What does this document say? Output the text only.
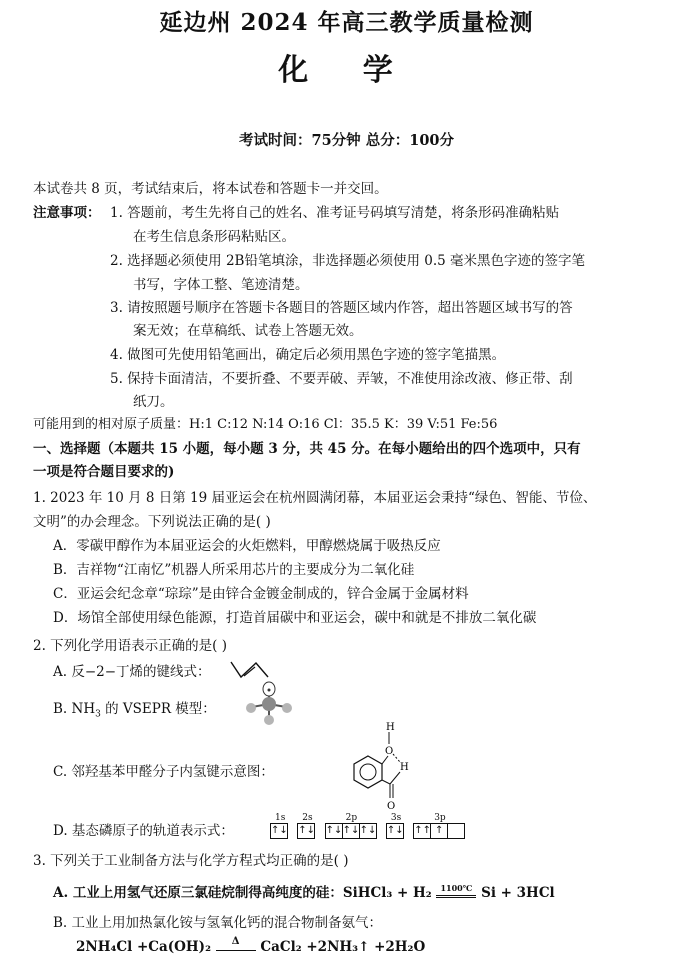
延边州 2024 年高三教学质量检测
化 学
考试时间：75分钟 总分：100分
本试卷共 8 页，考试结束后，将本试卷和答题卡一并交回。
注意事项： 1. 答题前，考生先将自己的姓名、准考证号码填写清楚，将条形码准确粘贴
在考生信息条形码粘贴区。
2. 选择题必须使用 2B铅笔填涂，非选择题必须使用 0.5 毫米黑色字迹的签字笔
书写，字体工整、笔迹清楚。
3. 请按照题号顺序在答题卡各题目的答题区域内作答，超出答题区域书写的答
案无效；在草稿纸、试卷上答题无效。
4. 做图可先使用铅笔画出，确定后必须用黑色字迹的签字笔描黑。
5. 保持卡面清洁，不要折叠、不要弄破、弄皱，不准使用涂改液、修正带、刮
纸刀。
可能用到的相对原子质量：H:1 C:12 N:14 O:16 Cl：35.5 K：39 V:51 Fe:56
一、选择题（本题共 15 小题，每小题 3 分，共 45 分。在每小题给出的四个选项中，只有
一项是符合题目要求的)
1. 2023 年 10 月 8 日第 19 届亚运会在杭州圆满闭幕，本届亚运会秉持“绿色、智能、节俭、
文明”的办会理念。下列说法正确的是( )
A．零碳甲醇作为本届亚运会的火炬燃料，甲醇燃烧属于吸热反应
B．吉祥物“江南忆”机器人所采用芯片的主要成分为二氧化硅
C．亚运会纪念章“琮琮”是由锌合金镀金制成的，锌合金属于金属材料
D．场馆全部使用绿色能源，打造首届碳中和亚运会，碳中和就是不排放二氧化碳
2. 下列化学用语表示正确的是( )
A. 反−2−丁烯的键线式：
B. $NH_3$ 的 VSEPR 模型：
C. 邻羟基苯甲醛分子内氢键示意图：
H
O
H
O
D. 基态磷原子的轨道表示式：
1s
↑↓
2s
↑↓
2p
↑↓↑↓↑↓
3s
↑↓
3p
↑↑ ↑
3. 下列关于工业制备方法与化学方程式均正确的是( )
A. 工业上用氢气还原三氯硅烷制得高纯度的硅：SiHCl₃ + H₂	1100℃ Si + 3HCl
B. 工业上用加热氯化铵与氢氧化钙的混合物制备氨气：
2NH₄Cl +Ca(OH)₂	Δ	CaCl₂ +2NH₃↑ +2H₂O
